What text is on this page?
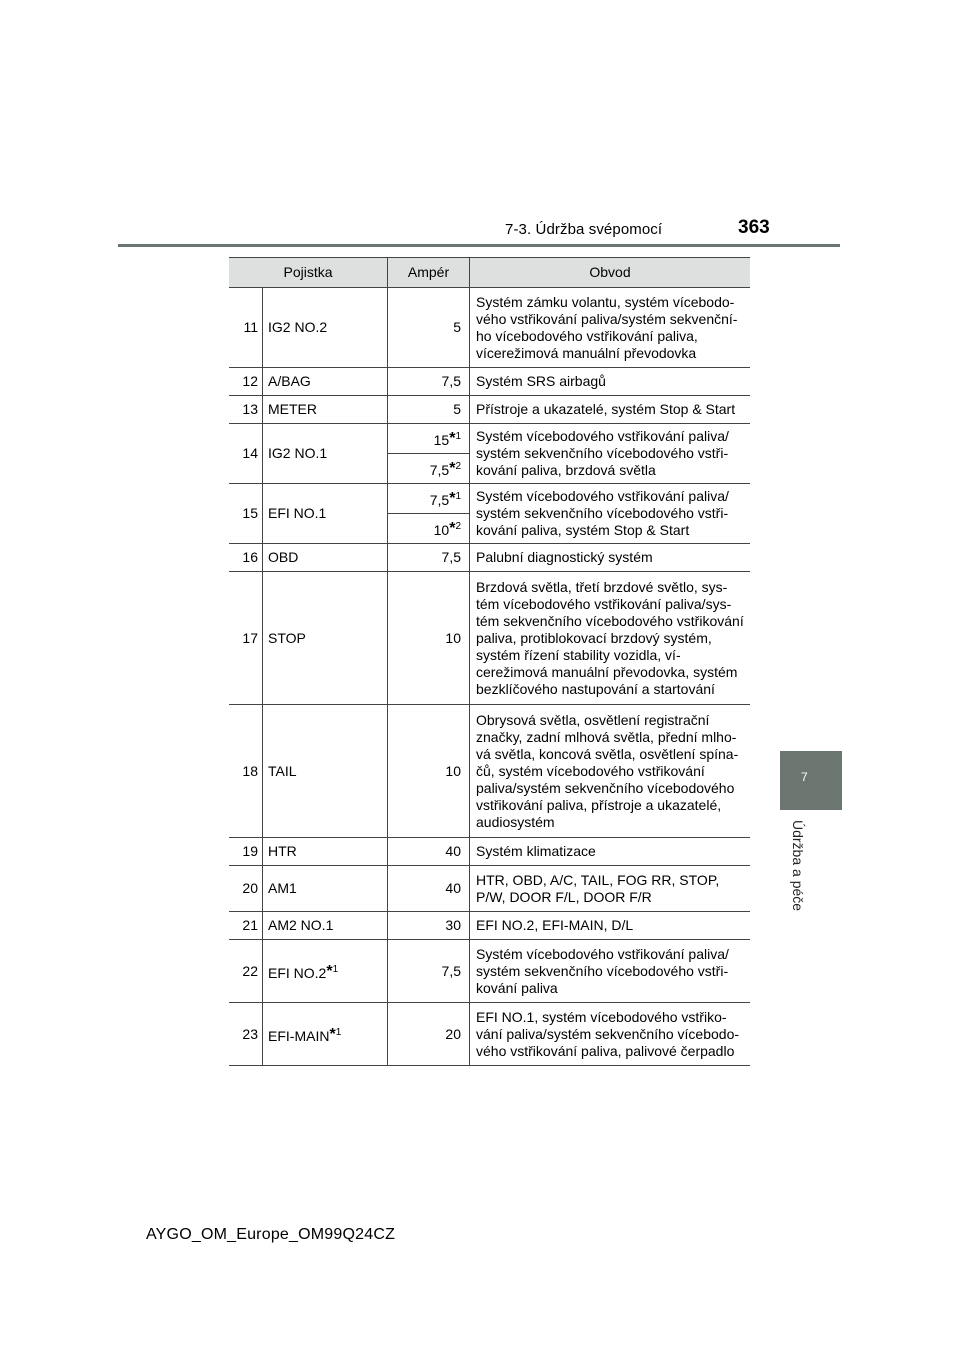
7-3. Údržba svépomocí	363
7
Údržba a péče
Pojistka		Ampér	Obvod
11	IG2 NO.2	5	Systém zámku volantu, systém vícebodo-vého vstřikování paliva/systém sekvenční-ho vícebodového vstřikování paliva, vícerežimová manuální převodovka
12	A/BAG	7,5	Systém SRS airbagů
13	METER	5	Přístroje a ukazatelé, systém Stop & Start
14	IG2 NO.1	15*$^1$	Systém vícebodového vstřikování paliva/ systém sekvenčního vícebodového vstři-kování paliva, brzdová světla
		7,5*$^2$
15	EFI NO.1	7,5*$^1$	Systém vícebodového vstřikování paliva/ systém sekvenčního vícebodového vstři-kování paliva, systém Stop & Start
		10*$^2$
16	OBD	7,5	Palubní diagnostický systém
17	STOP	10	Brzdová světla, třetí brzdové světlo, sys-tém vícebodového vstřikování paliva/sys-tém sekvenčního vícebodového vstřikování paliva, protiblokovací brzdový systém, systém řízení stability vozidla, ví-cerežimová manuální převodovka, systém bezklíčového nastupování a startování
18	TAIL	10	Obrysová světla, osvětlení registrační značky, zadní mlhová světla, přední mlho-vá světla, koncová světla, osvětlení spína-čů, systém vícebodového vstřikování paliva/systém sekvenčního vícebodového vstřikování paliva, přístroje a ukazatelé, audiosystém
19	HTR	40	Systém klimatizace
20	AM1	40	HTR, OBD, A/C, TAIL, FOG RR, STOP, P/W, DOOR F/L, DOOR F/R
21	AM2 NO.1	30	EFI NO.2, EFI-MAIN, D/L
22	EFI NO.2*$^1$	7,5	Systém vícebodového vstřikování paliva/ systém sekvenčního vícebodového vstři-kování paliva
23	EFI-MAIN*$^1$	20	EFI NO.1, systém vícebodového vstřiko-vání paliva/systém sekvenčního vícebodo-vého vstřikování paliva, palivové čerpadlo
AYGO_OM_Europe_OM99Q24CZ
